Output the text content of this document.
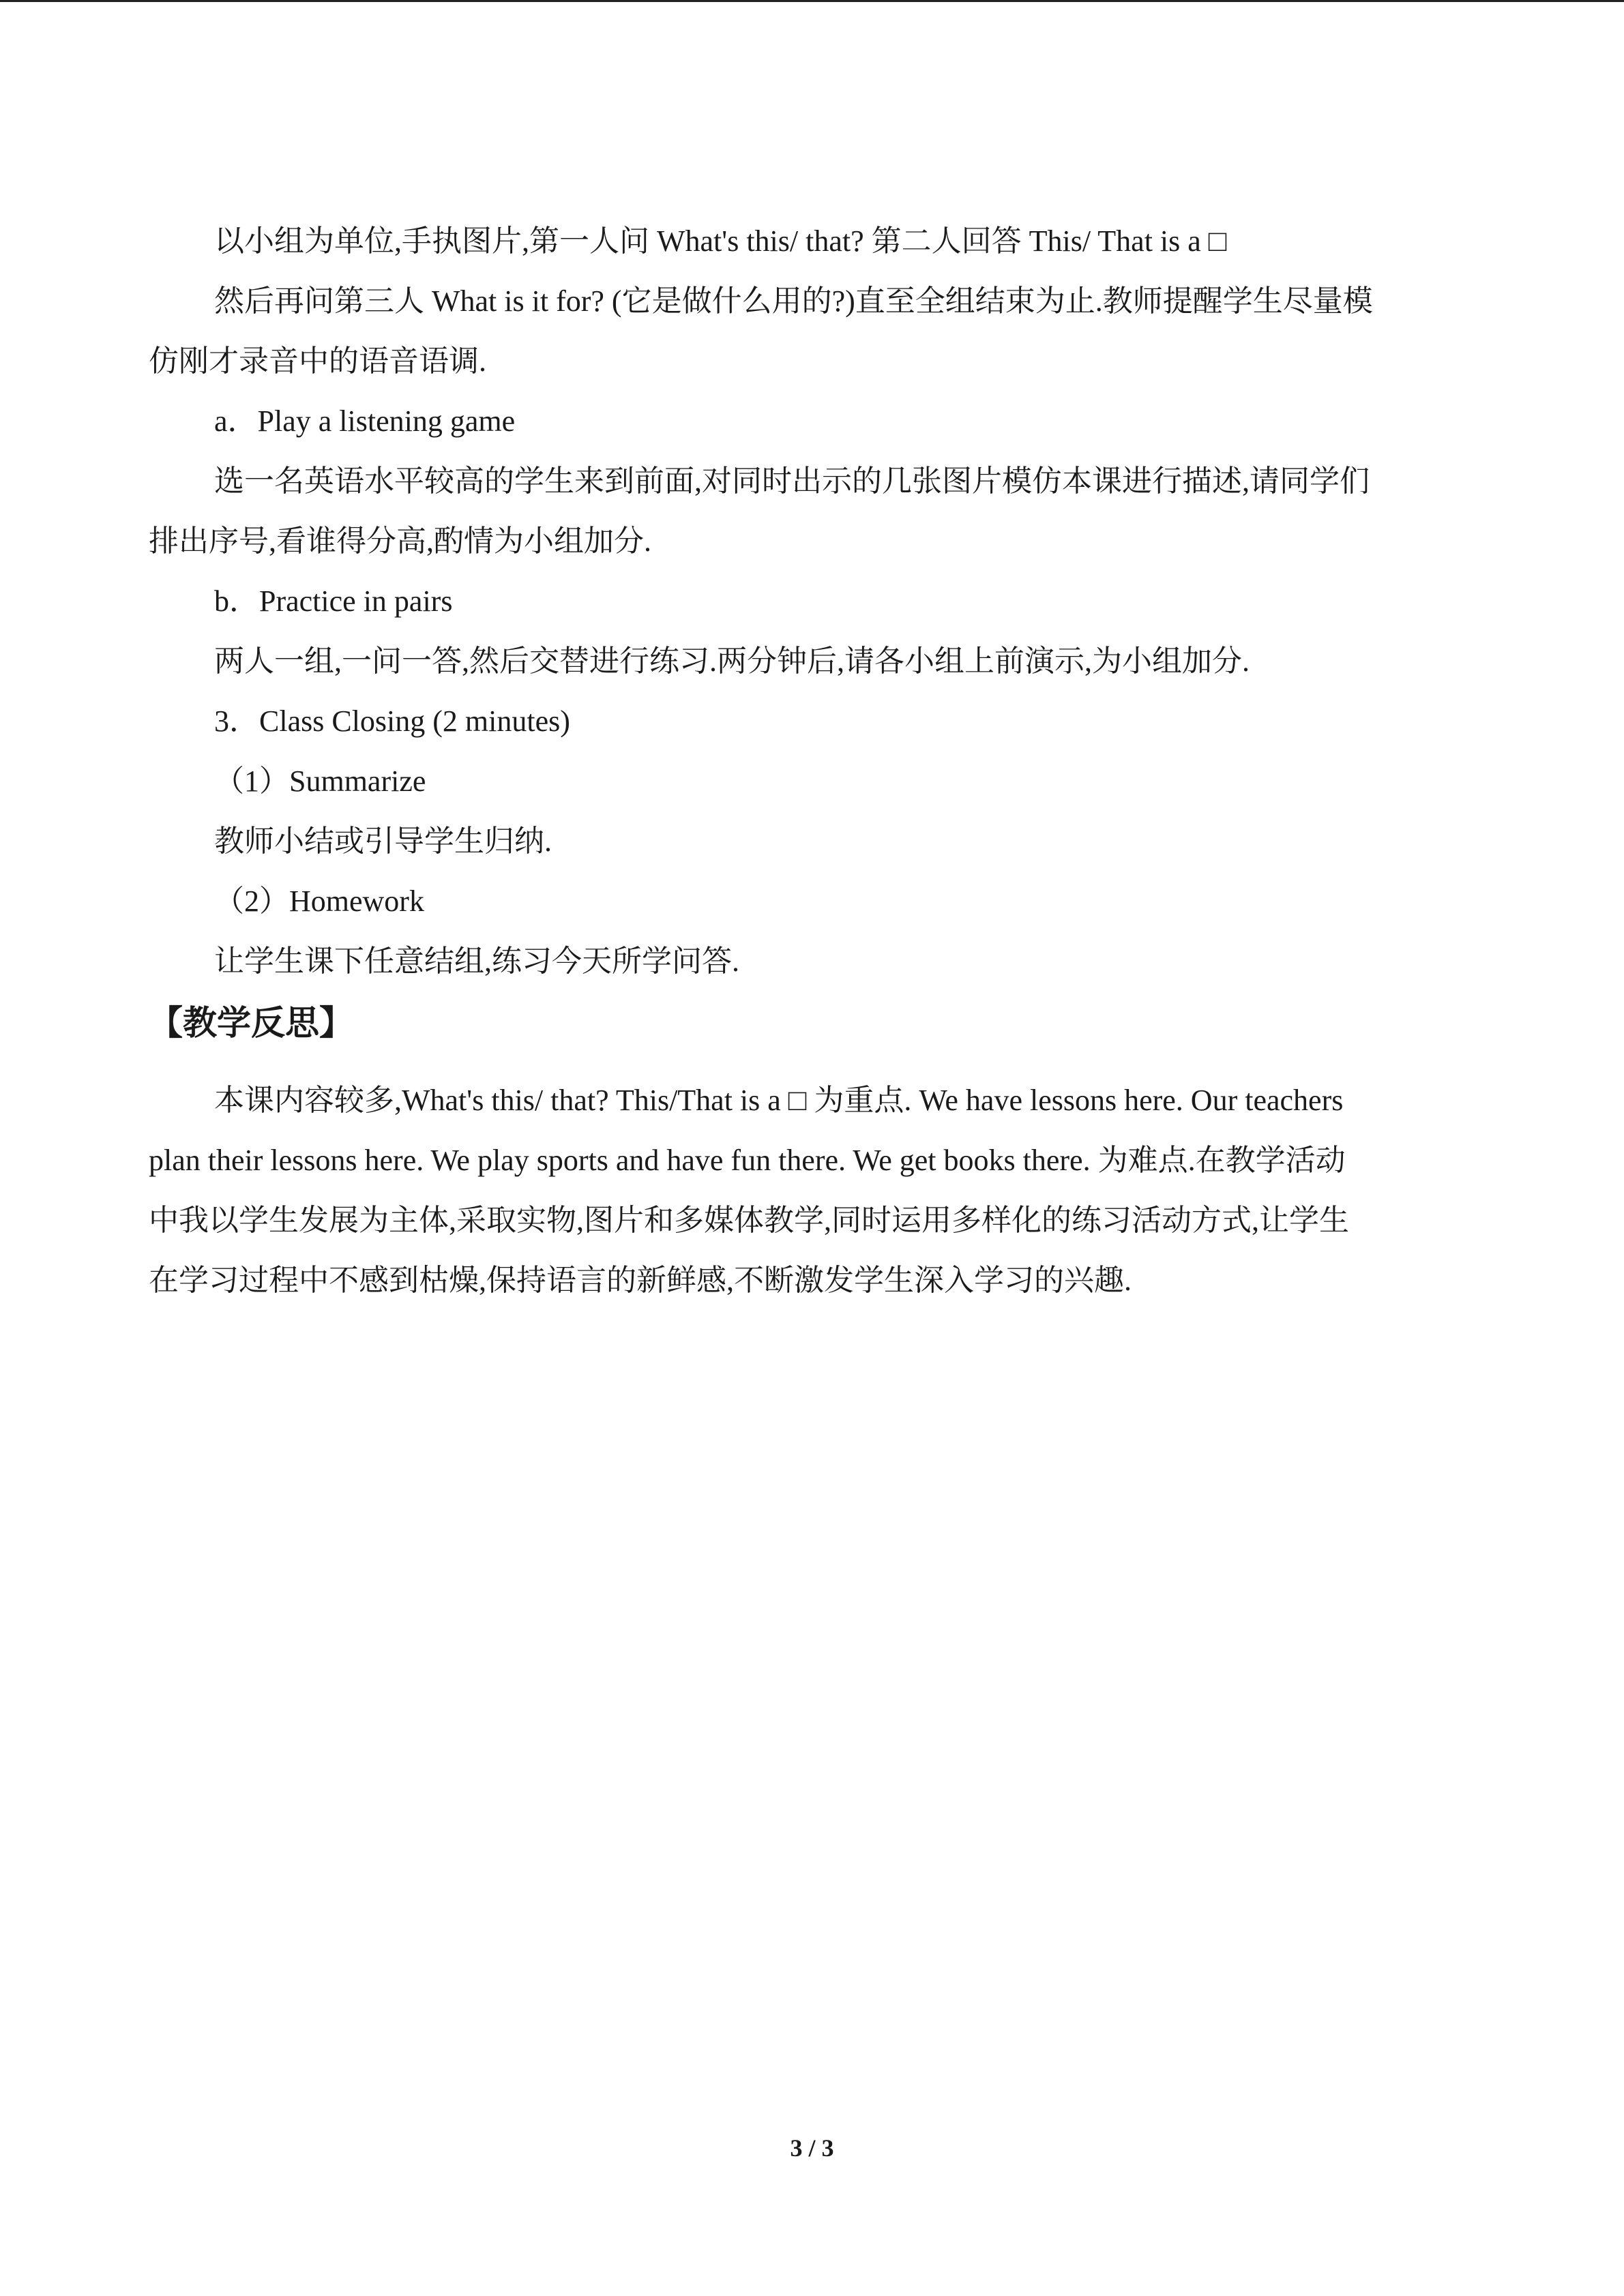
以小组为单位,手执图片,第一人问 What's this/ that? 第二人回答 This/ That is a □

然后再问第三人 What is it for? (它是做什么用的?)直至全组结束为止.教师提醒学生尽量模

仿刚才录音中的语音语调.

a．Play a listening game

选一名英语水平较高的学生来到前面,对同时出示的几张图片模仿本课进行描述,请同学们

排出序号,看谁得分高,酌情为小组加分.

b．Practice in pairs

两人一组,一问一答,然后交替进行练习.两分钟后,请各小组上前演示,为小组加分.

3．Class Closing (2 minutes)

（1）Summarize

教师小结或引导学生归纳.

（2）Homework

让学生课下任意结组,练习今天所学问答.

【教学反思】

本课内容较多,What's this/ that? This/That is a □ 为重点. We have lessons here. Our teachers

plan their lessons here. We play sports and have fun there. We get books there. 为难点.在教学活动

中我以学生发展为主体,采取实物,图片和多媒体教学,同时运用多样化的练习活动方式,让学生

在学习过程中不感到枯燥,保持语言的新鲜感,不断激发学生深入学习的兴趣.

3 / 3
